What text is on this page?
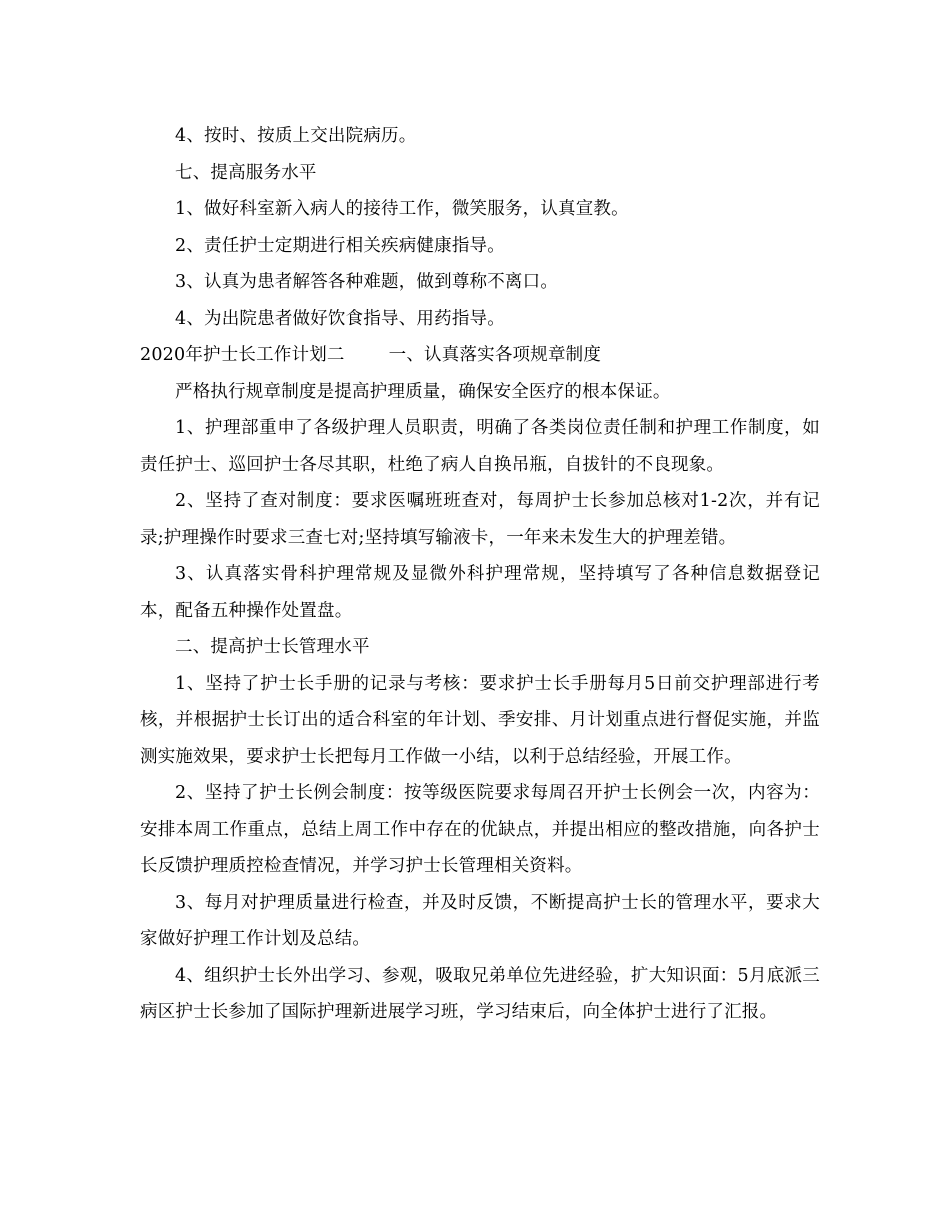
4、按时、按质上交出院病历。

七、提高服务水平

1、做好科室新入病人的接待工作，微笑服务，认真宣教。

2、责任护士定期进行相关疾病健康指导。

3、认真为患者解答各种难题，做到尊称不离口。

4、为出院患者做好饮食指导、用药指导。

2020年护士长工作计划二	一、认真落实各项规章制度

严格执行规章制度是提高护理质量，确保安全医疗的根本保证。

1、护理部重申了各级护理人员职责，明确了各类岗位责任制和护理工作制度，如责任护士、巡回护士各尽其职，杜绝了病人自换吊瓶，自拔针的不良现象。

2、坚持了查对制度：要求医嘱班班查对，每周护士长参加总核对1-2次，并有记录;护理操作时要求三查七对;坚持填写输液卡，一年来未发生大的护理差错。

3、认真落实骨科护理常规及显微外科护理常规，坚持填写了各种信息数据登记本，配备五种操作处置盘。

二、提高护士长管理水平

1、坚持了护士长手册的记录与考核：要求护士长手册每月5日前交护理部进行考核，并根据护士长订出的适合科室的年计划、季安排、月计划重点进行督促实施，并监测实施效果，要求护士长把每月工作做一小结，以利于总结经验，开展工作。

2、坚持了护士长例会制度：按等级医院要求每周召开护士长例会一次，内容为：安排本周工作重点，总结上周工作中存在的优缺点，并提出相应的整改措施，向各护士长反馈护理质控检查情况，并学习护士长管理相关资料。

3、每月对护理质量进行检查，并及时反馈，不断提高护士长的管理水平，要求大家做好护理工作计划及总结。

4、组织护士长外出学习、参观，吸取兄弟单位先进经验，扩大知识面：5月底派三病区护士长参加了国际护理新进展学习班，学习结束后，向全体护士进行了汇报。
